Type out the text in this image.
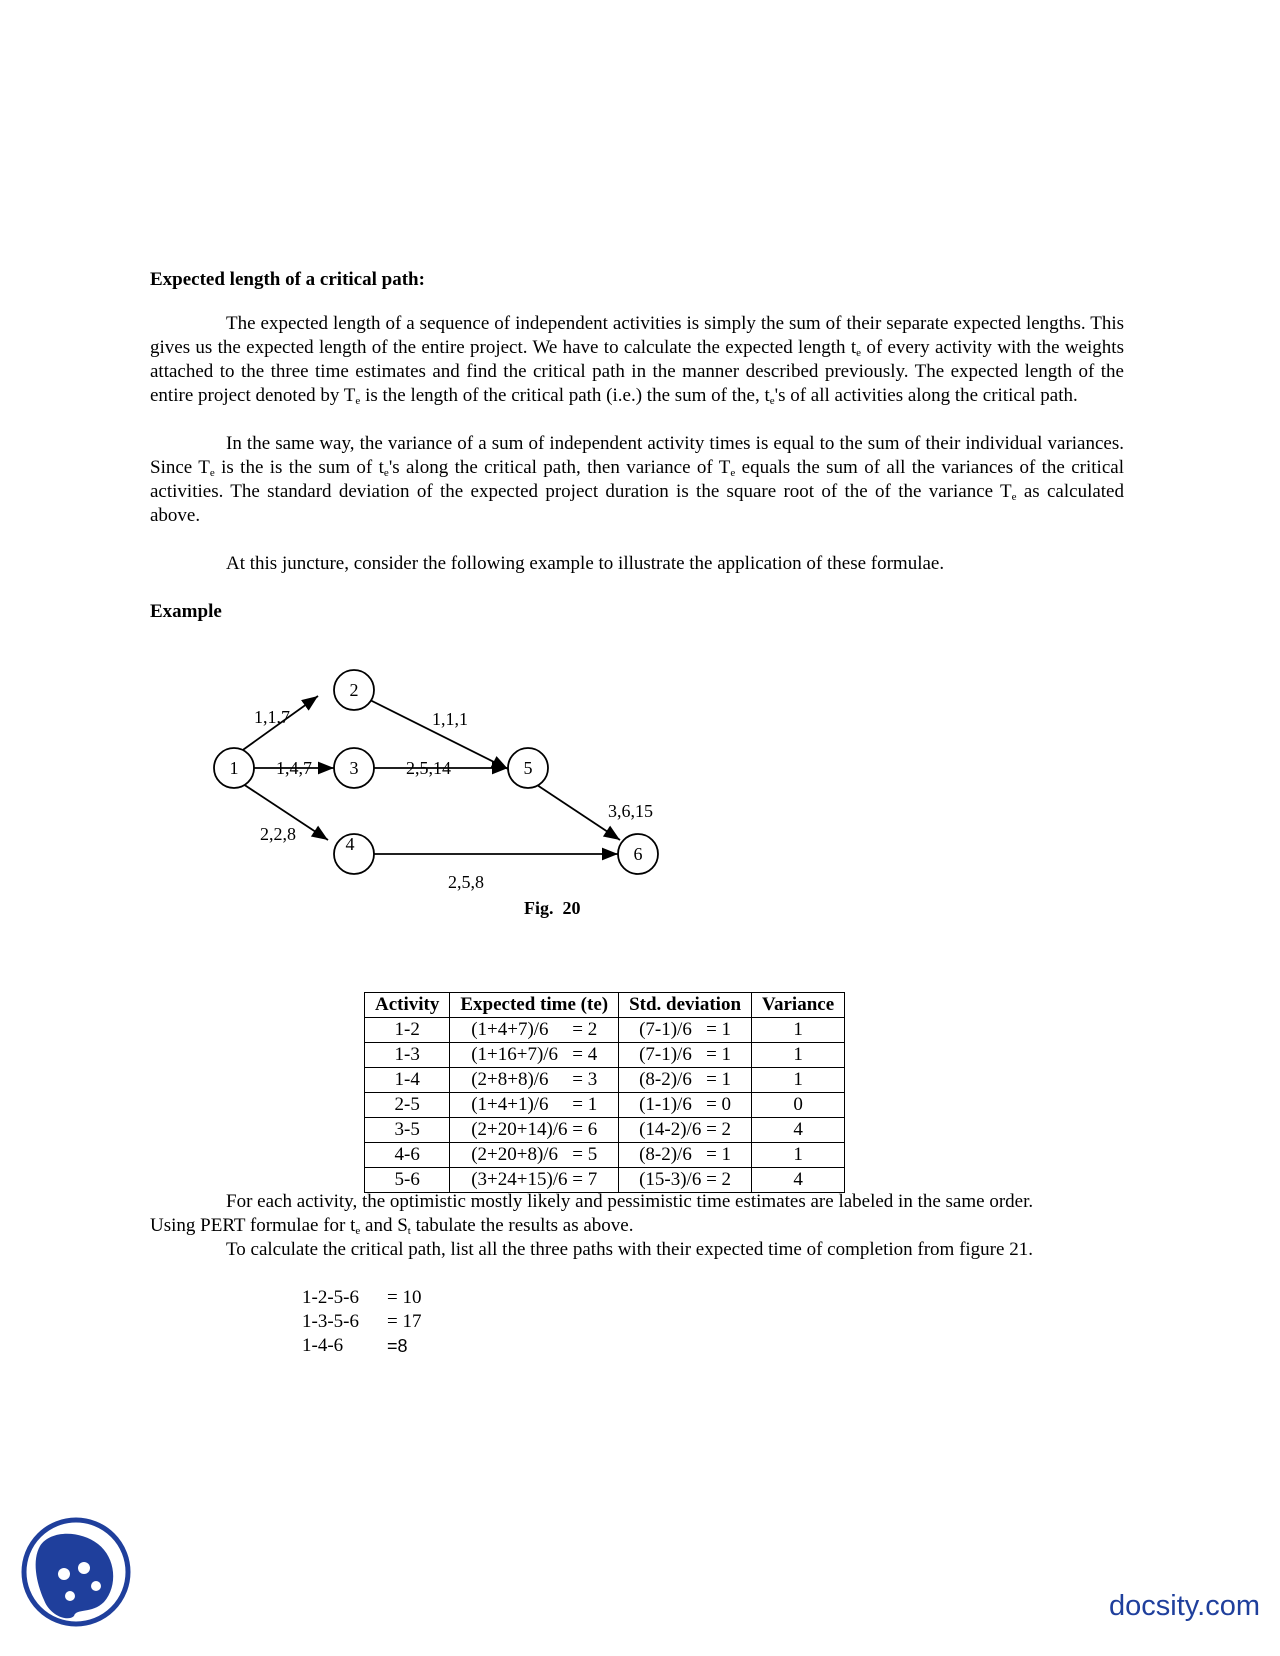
Expected length of a critical path:

The expected length of a sequence of independent activities is simply the sum of their separate expected lengths. This gives us the expected length of the entire project. We have to calculate the expected length $t_e$ of every activity with the weights attached to the three time estimates and find the critical path in the manner described previously. The expected length of the entire project denoted by $T_e$ is the length of the critical path (i.e.) the sum of the, $t_e's$ of all activities along the critical path.

In the same way, the variance of a sum of independent activity times is equal to the sum of their individual variances. Since $T_e$ is the is the sum of $t_e's$ along the critical path, then variance of $T_e$ equals the sum of all the variances of the critical activities. The standard deviation of the expected project duration is the square root of the of the variance $T_e$ as calculated above.

At this juncture, consider the following example to illustrate the application of these formulae.

Example

1
2
3
4
5
6
1,1,7
1,4,7
2,2,8
1,1,1
2,5,14
2,5,8
3,6,15
Fig.  20
Activity	Expected time (te)	Std. deviation	Variance
1-2	(1+4+7)/6     = 2	(7-1)/6   = 1	1
1-3	(1+16+7)/6   = 4	(7-1)/6   = 1	1
1-4	(2+8+8)/6     = 3	(8-2)/6   = 1	1
2-5	(1+4+1)/6     = 1	(1-1)/6   = 0	0
3-5	(2+20+14)/6 = 6	(14-2)/6 = 2	4
4-6	(2+20+8)/6   = 5	(8-2)/6   = 1	1
5-6	(3+24+15)/6 = 7	(15-3)/6 = 2	4

For each activity, the optimistic mostly likely and pessimistic time estimates are labeled in the same order.

Using PERT formulae for $t_e$ and $S_t$ tabulate the results as above.

To calculate the critical path, list all the three paths with their expected time of completion from figure 21.

1-2-5-6	= 10
1-3-5-6	= 17
1-4-6	=8
docsity.com
